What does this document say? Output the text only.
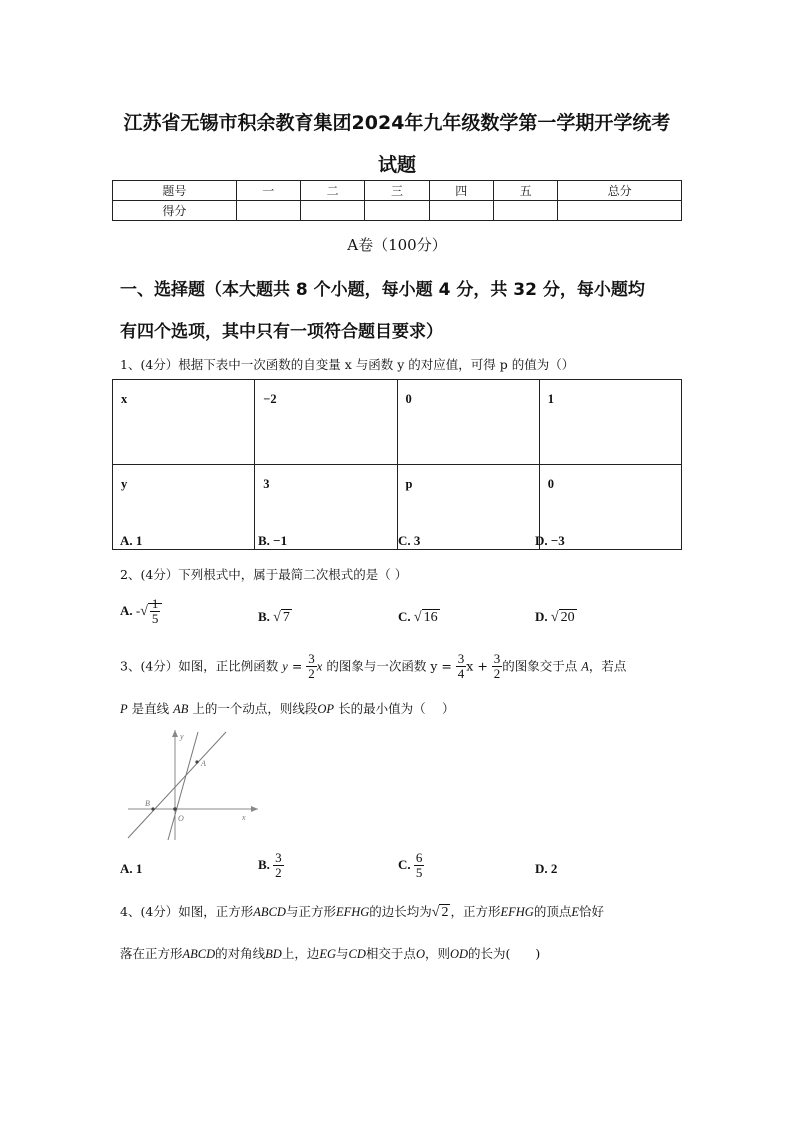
江苏省无锡市积余教育集团2024年九年级数学第一学期开学统考
试题
题号	一	二	三	四	五	总分
得分						
A卷（100分）
一、选择题（本大题共 8 个小题，每小题 4 分，共 32 分，每小题均
有四个选项，其中只有一项符合题目要求）
1、(4分）根据下表中一次函数的自变量 x 与函数 y 的对应值，可得 p 的值为（）
x	−2	0	1
y	3	p	0
A. 1	B. −1	C. 3	D. −3
2、(4分）下列根式中，属于最简二次根式的是（ ）
A. -√ $\frac{1}{5}$	B. √ 7	C. √ 16	D. √ 20
3、(4分）如图，正比例函数 $y = \frac{3}{2}$ x 的图象与一次函数 $y = \frac{3}{4}$ $x + \frac{3}{2}$ 的图象交于点 A，若点
P 是直线 AB 上的一个动点，则线段OP 长的最小值为（　 ）
y
x
A
B
O
A. 1	B. $\frac{3}{2}$	C. $\frac{6}{5}$	D. 2
4、(4分）如图，正方形ABCD与正方形EFHG的边长均为√ 2 ，正方形EFHG的顶点E恰好
落在正方形ABCD的对角线BD上，边EG与CD相交于点O，则OD的长为(　　)
